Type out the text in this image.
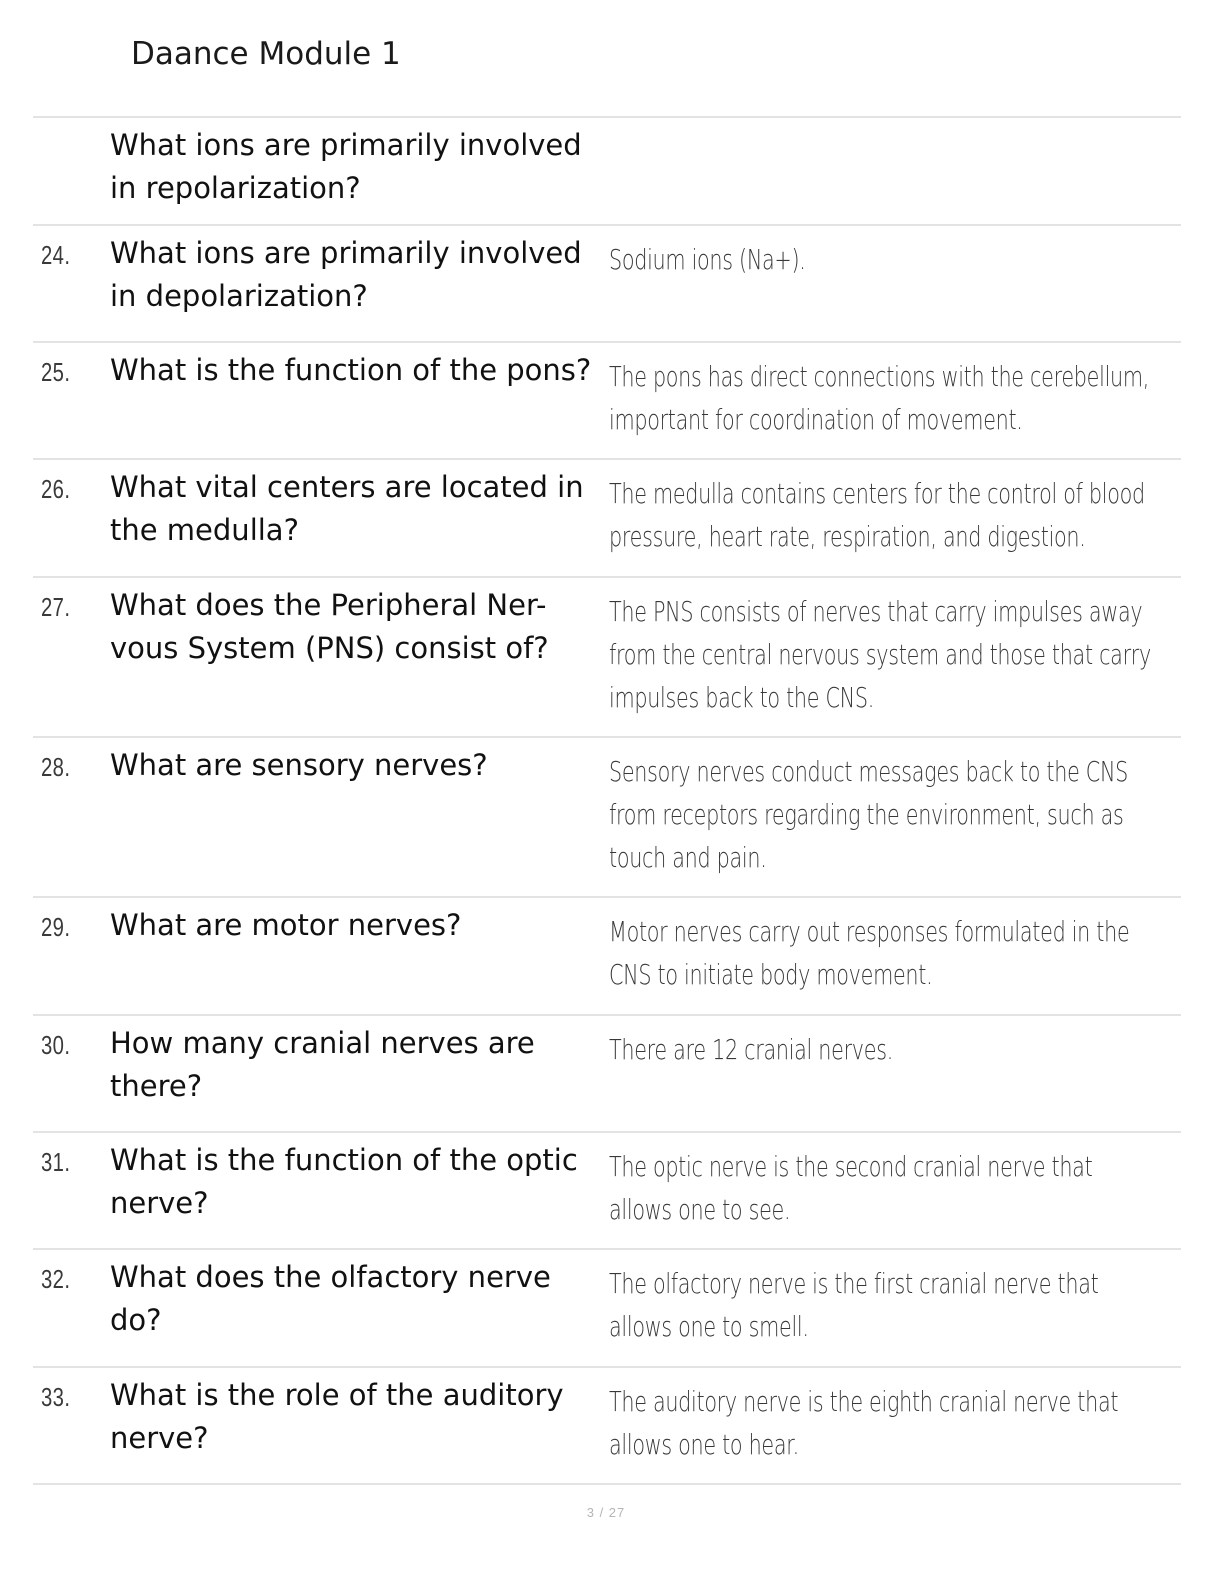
Daance Module 1
What ions are primarily involved in repolarization?
24. What ions are primarily involved in depolarization?
Sodium ions (Na+).
25. What is the function of the pons? The pons has direct connections with the cerebellum, important for coordination of movement.
26. What vital centers are located in the medulla?
The medulla contains centers for the control of blood pressure, heart rate, respiration, and digestion.
27. What does the Peripheral Ner-vous System (PNS) consist of?
The PNS consists of nerves that carry impulses away from the central nervous system and those that carry impulses back to the CNS.
28. What are sensory nerves?	Sensory nerves conduct messages back to the CNS from receptors regarding the environment, such as touch and pain.
29. What are motor nerves?	Motor nerves carry out responses formulated in the CNS to initiate body movement.
30. How many cranial nerves are there?
There are 12 cranial nerves.
31. What is the function of the optic nerve?
The optic nerve is the second cranial nerve that allows one to see.
32. What does the olfactory nerve do?
The olfactory nerve is the first cranial nerve that allows one to smell.
33. What is the role of the auditory nerve?
The auditory nerve is the eighth cranial nerve that allows one to hear.
3 / 27
